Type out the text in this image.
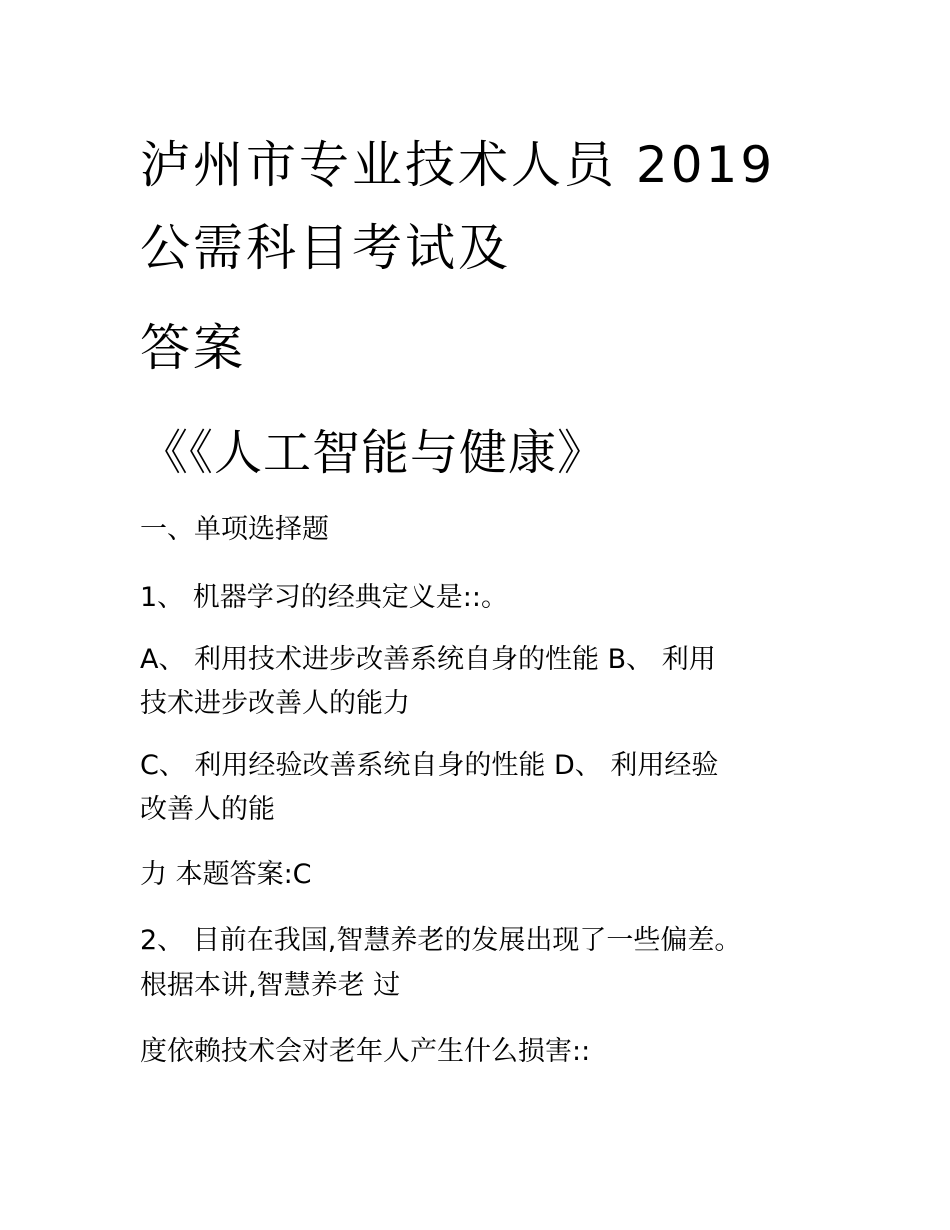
泸州市专业技术人员 2019
公需科目考试及
答案
《《人工智能与健康》
一、单项选择题
1、 机器学习的经典定义是::。
A、 利用技术进步改善系统自身的性能 B、 利用
技术进步改善人的能力
C、 利用经验改善系统自身的性能 D、 利用经验
改善人的能
力 本题答案:C
2、 目前在我国,智慧养老的发展出现了一些偏差。
根据本讲,智慧养老 过
度依赖技术会对老年人产生什么损害::
